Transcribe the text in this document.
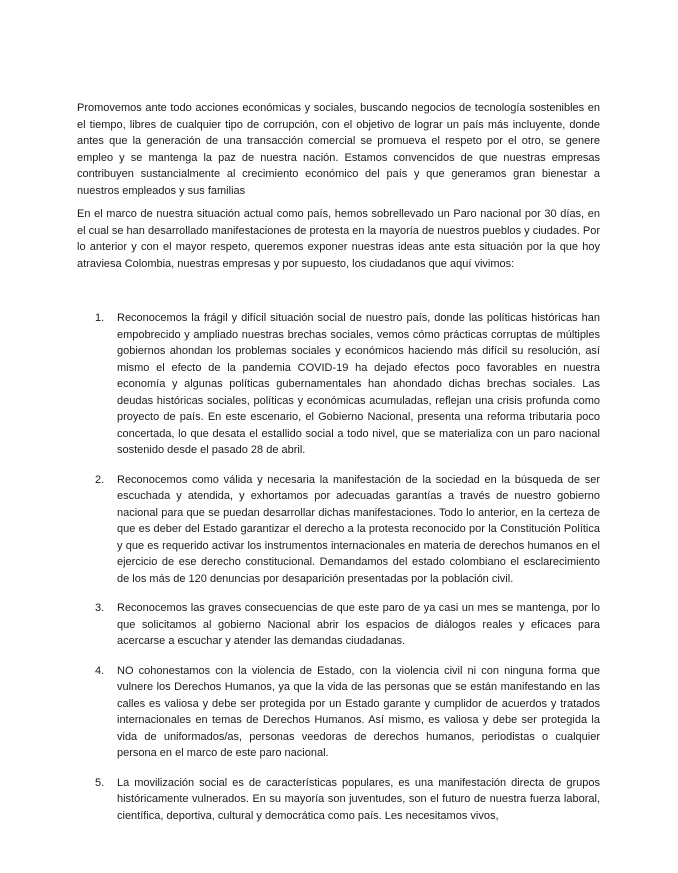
Promovemos ante todo acciones económicas y sociales, buscando negocios de tecnología sostenibles en el tiempo, libres de cualquier tipo de corrupción, con el objetivo de lograr un país más incluyente, donde antes que la generación de una transacción comercial se promueva el respeto por el otro, se genere empleo y se mantenga la paz de nuestra nación. Estamos convencidos de que nuestras empresas contribuyen sustancialmente al crecimiento económico del país y que generamos gran bienestar a nuestros empleados y sus familias

En el marco de nuestra situación actual como país, hemos sobrellevado un Paro nacional por 30 días, en el cual se han desarrollado manifestaciones de protesta en la mayoría de nuestros pueblos y ciudades. Por lo anterior y con el mayor respeto, queremos exponer nuestras ideas ante esta situación por la que hoy atraviesa Colombia, nuestras empresas y por supuesto, los ciudadanos que aquí vivimos:

1. Reconocemos la frágil y difícil situación social de nuestro país, donde las políticas históricas han empobrecido y ampliado nuestras brechas sociales, vemos cómo prácticas corruptas de múltiples gobiernos ahondan los problemas sociales y económicos haciendo más difícil su resolución, así mismo el efecto de la pandemia COVID-19 ha dejado efectos poco favorables en nuestra economía y algunas políticas gubernamentales han ahondado dichas brechas sociales. Las deudas históricas sociales, políticas y económicas acumuladas, reflejan una crisis profunda como proyecto de país. En este escenario, el Gobierno Nacional, presenta una reforma tributaria poco concertada, lo que desata el estallido social a todo nivel, que se materializa con un paro nacional sostenido desde el pasado 28 de abril.
2. Reconocemos como válida y necesaria la manifestación de la sociedad en la búsqueda de ser escuchada y atendida, y exhortamos por adecuadas garantías a través de nuestro gobierno nacional para que se puedan desarrollar dichas manifestaciones. Todo lo anterior, en la certeza de que es deber del Estado garantizar el derecho a la protesta reconocido por la Constitución Política y que es requerido activar los instrumentos internacionales en materia de derechos humanos en el ejercicio de ese derecho constitucional. Demandamos del estado colombiano el esclarecimiento de los más de 120 denuncias por desaparición presentadas por la población civil.
3. Reconocemos las graves consecuencias de que este paro de ya casi un mes se mantenga, por lo que solicitamos al gobierno Nacional abrir los espacios de diálogos reales y eficaces para acercarse a escuchar y atender las demandas ciudadanas.
4. NO cohonestamos con la violencia de Estado, con la violencia civil ni con ninguna forma que vulnere los Derechos Humanos, ya que la vida de las personas que se están manifestando en las calles es valiosa y debe ser protegida por un Estado garante y cumplidor de acuerdos y tratados internacionales en temas de Derechos Humanos. Así mismo, es valiosa y debe ser protegida la vida de uniformados/as, personas veedoras de derechos humanos, periodistas o cualquier persona en el marco de este paro nacional.
5. La movilización social es de características populares, es una manifestación directa de grupos históricamente vulnerados. En su mayoría son juventudes, son el futuro de nuestra fuerza laboral, científica, deportiva, cultural y democrática como país. Les necesitamos vivos,
